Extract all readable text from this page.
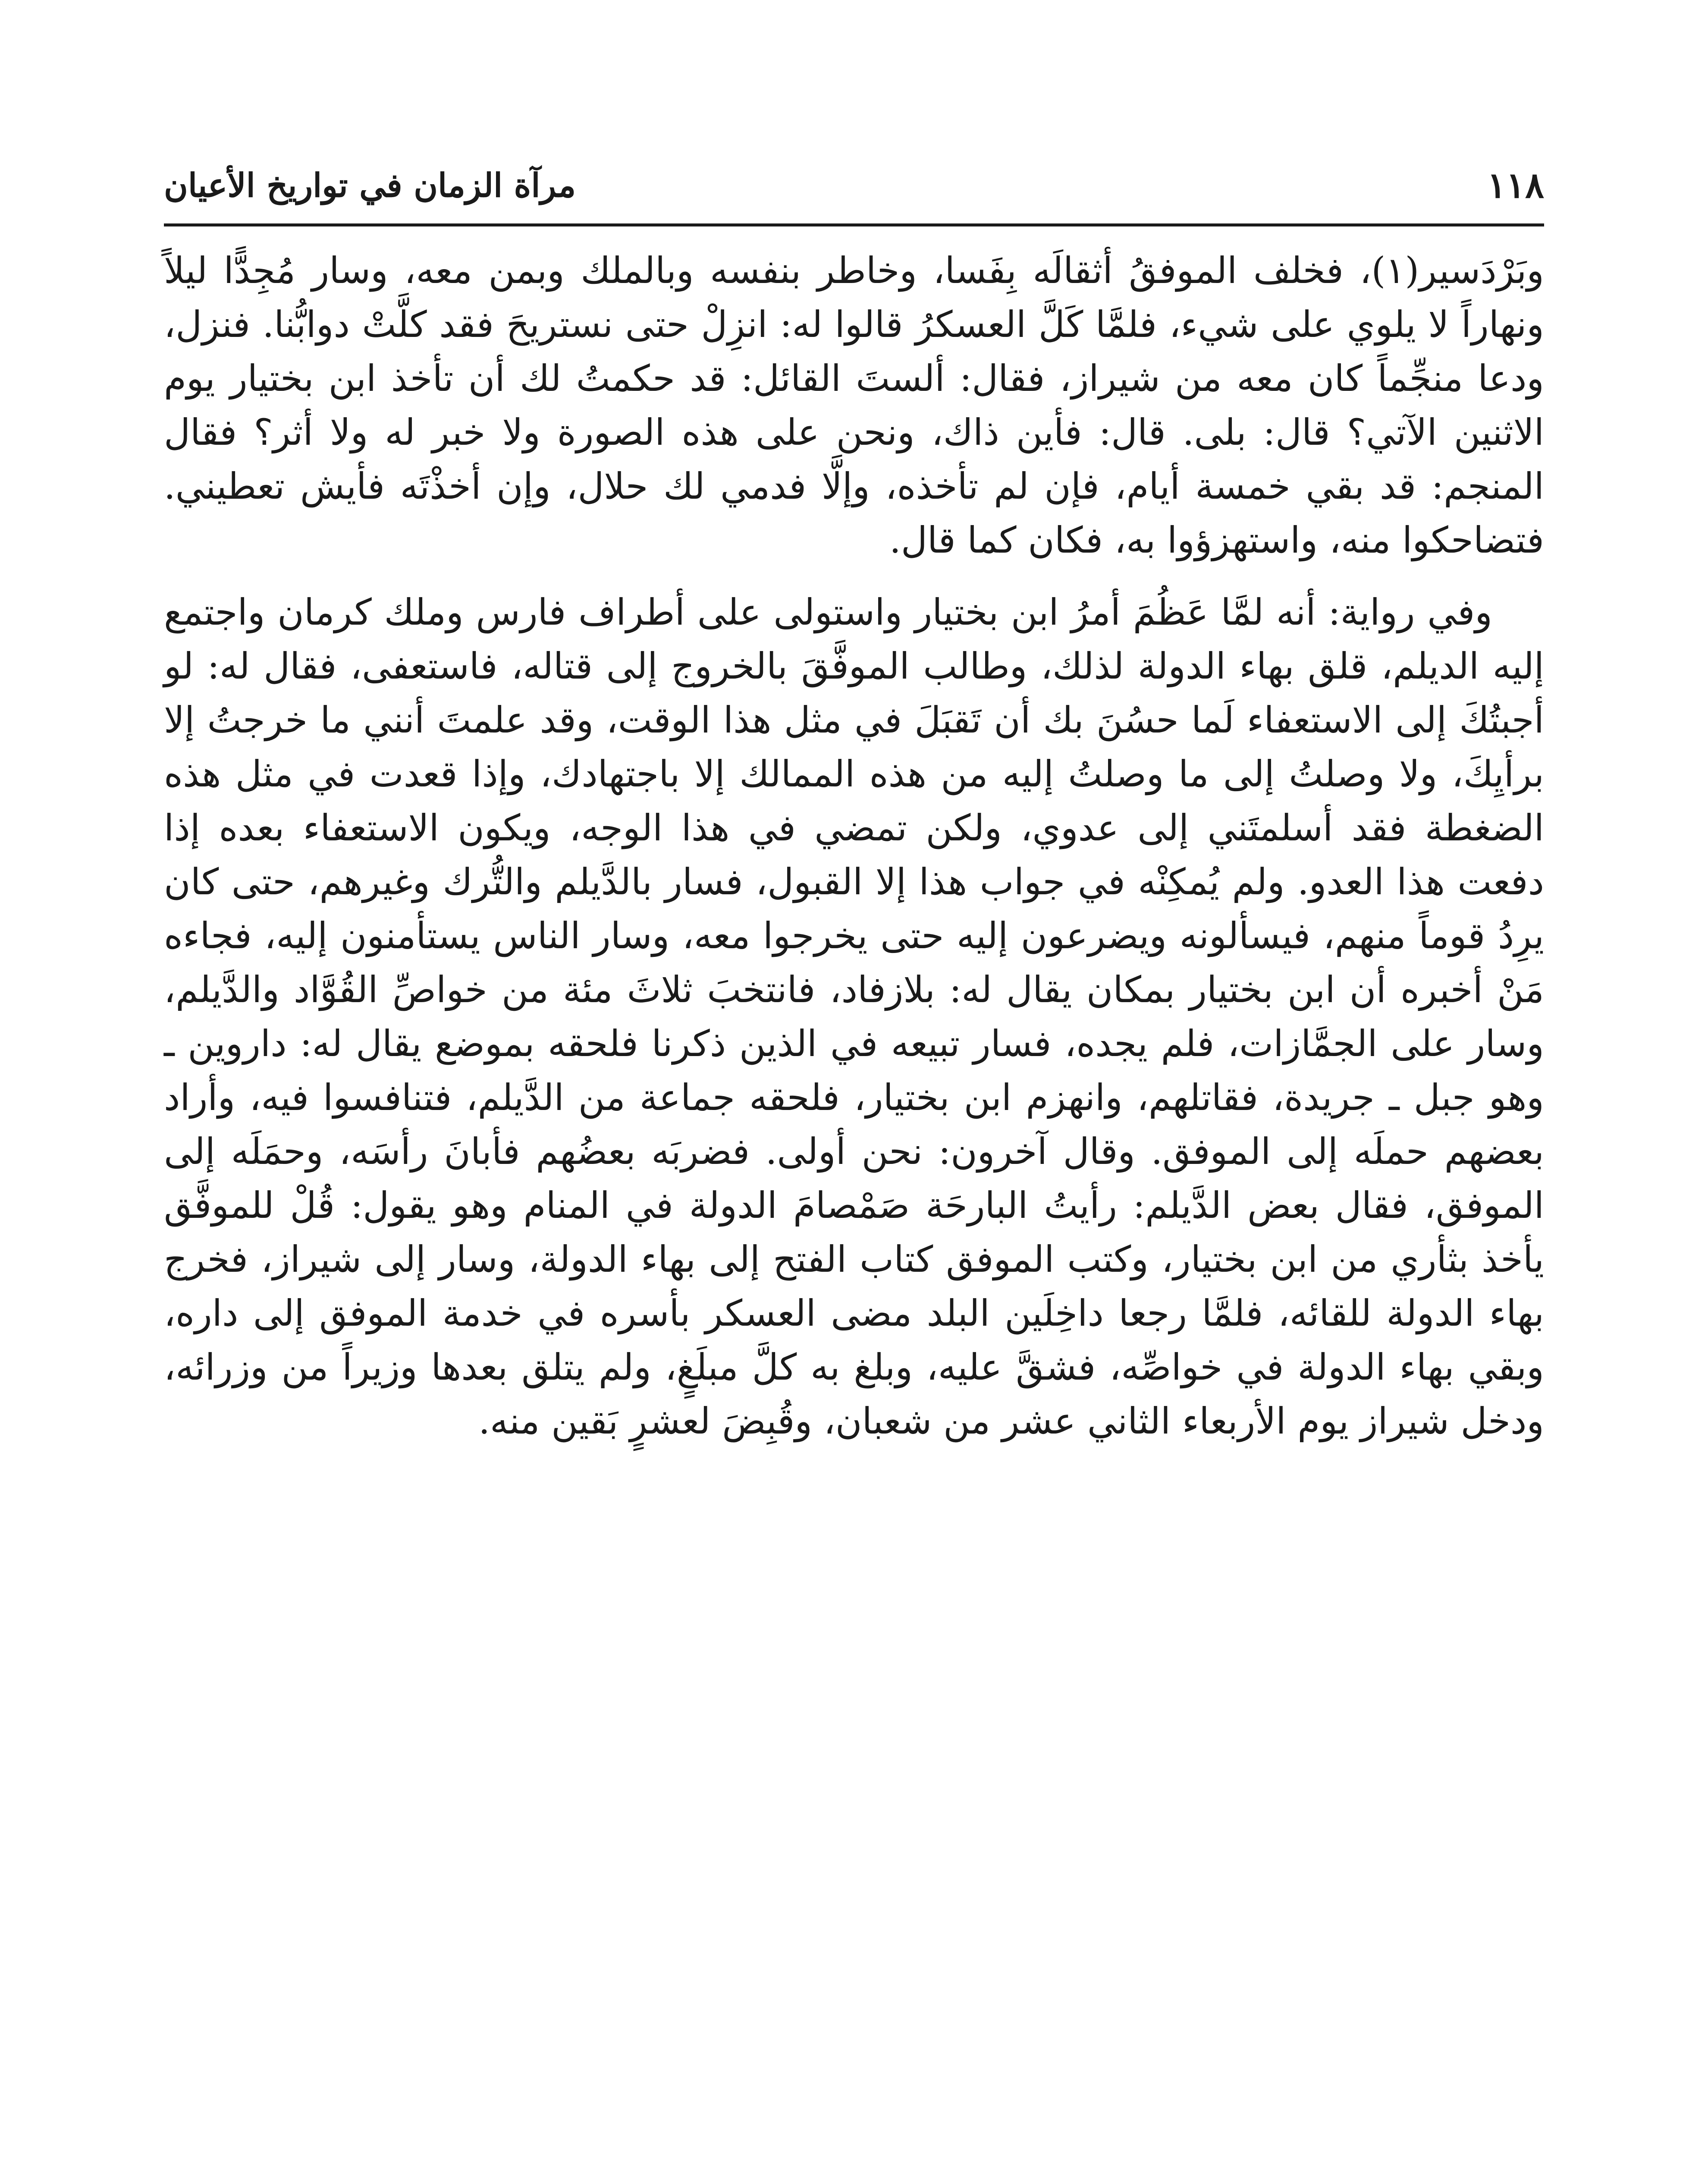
١١٨
مرآة الزمان في تواريخ الأعيان

وبَرْدَسير(١)، فخلف الموفقُ أثقالَه بِفَسا، وخاطر بنفسه وبالملك وبمن معه، وسار مُجِدًّا ليلاً ونهاراً لا يلوي على شيء، فلمَّا كَلَّ العسكرُ قالوا له: انزِلْ حتى نستريحَ فقد كلَّتْ دوابُّنا. فنزل، ودعا منجِّماً كان معه من شيراز، فقال: ألستَ القائل: قد حكمتُ لك أن تأخذ ابن بختيار يوم الاثنين الآتي؟ قال: بلى. قال: فأين ذاك، ونحن على هذه الصورة ولا خبر له ولا أثر؟ فقال المنجم: قد بقي خمسة أيام، فإن لم تأخذه، وإلَّا فدمي لك حلال، وإن أخذْتَه فأيش تعطيني. فتضاحكوا منه، واستهزؤوا به، فكان كما قال.

وفي رواية: أنه لمَّا عَظُمَ أمرُ ابن بختيار واستولى على أطراف فارس وملك كرمان واجتمع إليه الديلم، قلق بهاء الدولة لذلك، وطالب الموفَّقَ بالخروج إلى قتاله، فاستعفى، فقال له: لو أجبتُكَ إلى الاستعفاء لَما حسُنَ بك أن تَقبَلَ في مثل هذا الوقت، وقد علمتَ أنني ما خرجتُ إلا برأيِكَ، ولا وصلتُ إلى ما وصلتُ إليه من هذه الممالك إلا باجتهادك، وإذا قعدت في مثل هذه الضغطة فقد أسلمتَني إلى عدوي، ولكن تمضي في هذا الوجه، ويكون الاستعفاء بعده إذا دفعت هذا العدو. ولم يُمكِنْه في جواب هذا إلا القبول، فسار بالدَّيلم والتُّرك وغيرهم، حتى كان يرِدُ قوماً منهم، فيسألونه ويضرعون إليه حتى يخرجوا معه، وسار الناس يستأمنون إليه، فجاءه مَنْ أخبره أن ابن بختيار بمكان يقال له: بلازفاد، فانتخبَ ثلاثَ مئة من خواصِّ القُوَّاد والدَّيلم، وسار على الجمَّازات، فلم يجده، فسار تبيعه في الذين ذكرنا فلحقه بموضع يقال له: داروين ـ وهو جبل ـ جريدة، فقاتلهم، وانهزم ابن بختيار، فلحقه جماعة من الدَّيلم، فتنافسوا فيه، وأراد بعضهم حملَه إلى الموفق. وقال آخرون: نحن أولى. فضربَه بعضُهم فأبانَ رأسَه، وحمَلَه إلى الموفق، فقال بعض الدَّيلم: رأيتُ البارحَة صَمْصامَ الدولة في المنام وهو يقول: قُلْ للموفَّق يأخذ بثأري من ابن بختيار، وكتب الموفق كتاب الفتح إلى بهاء الدولة، وسار إلى شيراز، فخرج بهاء الدولة للقائه، فلمَّا رجعا داخِلَين البلد مضى العسكر بأسره في خدمة الموفق إلى داره، وبقي بهاء الدولة في خواصِّه، فشقَّ عليه، وبلغ به كلَّ مبلَغٍ، ولم يتلق بعدها وزيراً من وزرائه، ودخل شيراز يوم الأربعاء الثاني عشر من شعبان، وقُبِضَ لعشرٍ بَقين منه.
